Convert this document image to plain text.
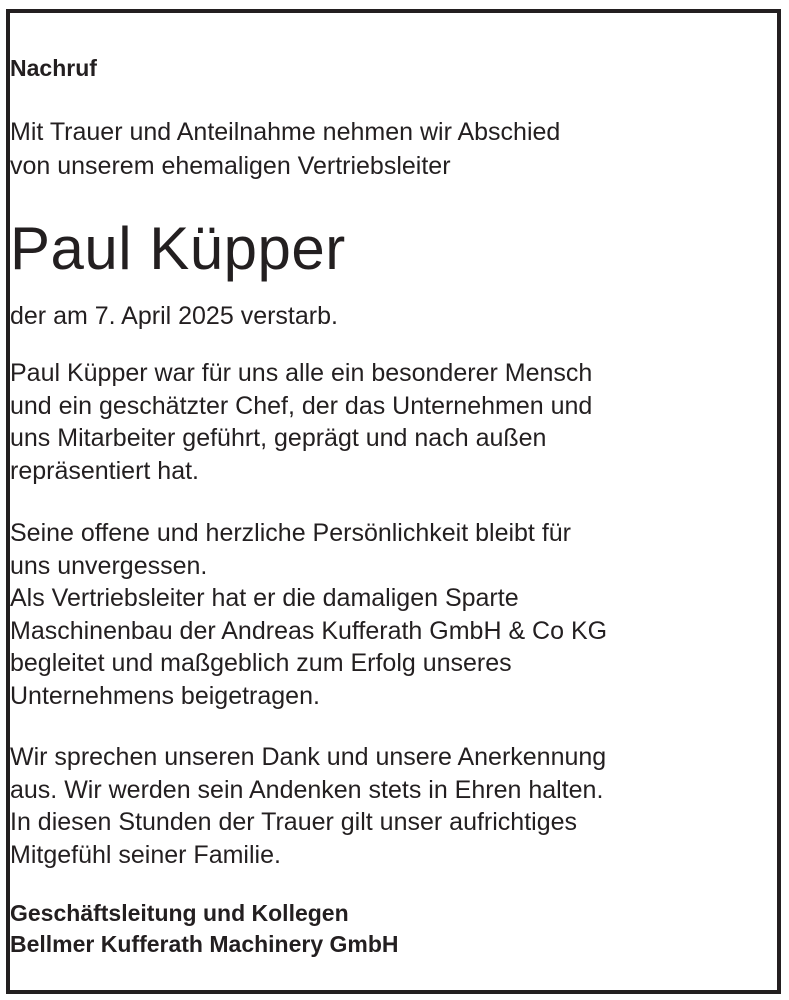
Nachruf
Mit Trauer und Anteilnahme nehmen wir Abschied
von unserem ehemaligen Vertriebsleiter
Paul Küpper
der am 7. April 2025 verstarb.
Paul Küpper war für uns alle ein besonderer Mensch
und ein geschätzter Chef, der das Unternehmen und
uns Mitarbeiter geführt, geprägt und nach außen
repräsentiert hat.
Seine offene und herzliche Persönlichkeit bleibt für
uns unvergessen.
Als Vertriebsleiter hat er die damaligen Sparte
Maschinenbau der Andreas Kufferath GmbH & Co KG
begleitet und maßgeblich zum Erfolg unseres
Unternehmens beigetragen.
Wir sprechen unseren Dank und unsere Anerkennung
aus. Wir werden sein Andenken stets in Ehren halten.
In diesen Stunden der Trauer gilt unser aufrichtiges
Mitgefühl seiner Familie.
Geschäftsleitung und Kollegen
Bellmer Kufferath Machinery GmbH
